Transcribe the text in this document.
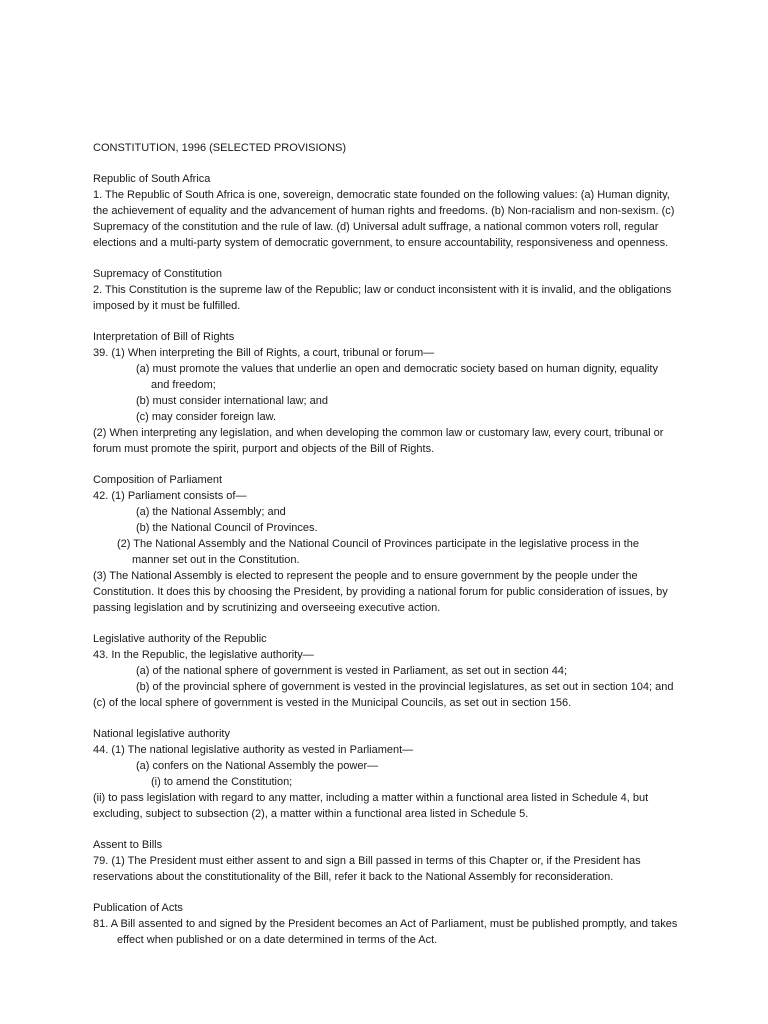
CONSTITUTION, 1996 (SELECTED PROVISIONS)

Republic of South Africa

1. The Republic of South Africa is one, sovereign, democratic state founded on the following values: (a) Human dignity, the achievement of equality and the advancement of human rights and freedoms. (b) Non-racialism and non-sexism. (c) Supremacy of the constitution and the rule of law. (d) Universal adult suffrage, a national common voters roll, regular elections and a multi-party system of democratic government, to ensure accountability, responsiveness and openness.

Supremacy of Constitution

2. This Constitution is the supreme law of the Republic; law or conduct inconsistent with it is invalid, and the obligations imposed by it must be fulfilled.

Interpretation of Bill of Rights

39. (1) When interpreting the Bill of Rights, a court, tribunal or forum—

(a) must promote the values that underlie an open and democratic society based on human dignity, equality and freedom;

(b) must consider international law; and

(c) may consider foreign law.

(2) When interpreting any legislation, and when developing the common law or customary law, every court, tribunal or forum must promote the spirit, purport and objects of the Bill of Rights.

Composition of Parliament

42. (1) Parliament consists of—

(a) the National Assembly; and

(b) the National Council of Provinces.

(2) The National Assembly and the National Council of Provinces participate in the legislative process in the manner set out in the Constitution.

(3) The National Assembly is elected to represent the people and to ensure government by the people under the Constitution. It does this by choosing the President, by providing a national forum for public consideration of issues, by passing legislation and by scrutinizing and overseeing executive action.

Legislative authority of the Republic

43. In the Republic, the legislative authority—

(a) of the national sphere of government is vested in Parliament, as set out in section 44;

(b) of the provincial sphere of government is vested in the provincial legislatures, as set out in section 104; and

(c) of the local sphere of government is vested in the Municipal Councils, as set out in section 156.

National legislative authority

44. (1) The national legislative authority as vested in Parliament—

(a) confers on the National Assembly the power—

(i) to amend the Constitution;

(ii) to pass legislation with regard to any matter, including a matter within a functional area listed in Schedule 4, but excluding, subject to subsection (2), a matter within a functional area listed in Schedule 5.

Assent to Bills

79. (1) The President must either assent to and sign a Bill passed in terms of this Chapter or, if the President has reservations about the constitutionality of the Bill, refer it back to the National Assembly for reconsideration.

Publication of Acts

81. A Bill assented to and signed by the President becomes an Act of Parliament, must be published promptly, and takes effect when published or on a date determined in terms of the Act.
